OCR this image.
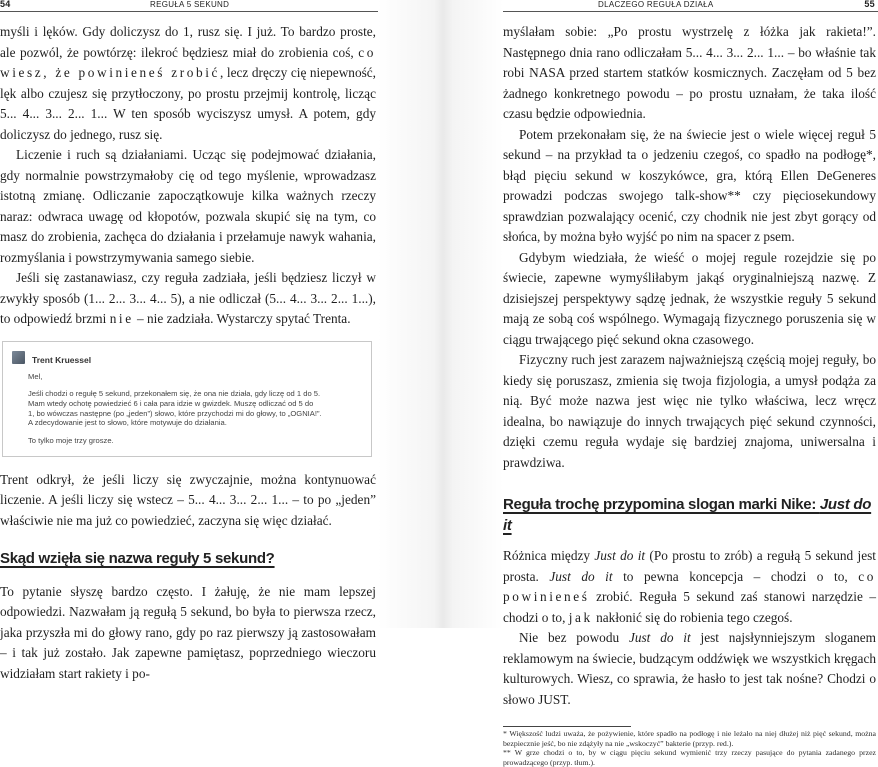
54	REGUŁA 5 SEKUND

myśli i lęków. Gdy doliczysz do 1, rusz się. I już. To bardzo proste, ale pozwól, że powtórzę: ilekroć będziesz miał do zrobienia coś, co wiesz, że powinieneś zrobić, lecz dręczy cię niepewność, lęk albo czujesz się przytłoczony, po prostu przejmij kontrolę, licząc 5... 4... 3... 2... 1... W ten sposób wyciszysz umysł. A potem, gdy doliczysz do jednego, rusz się.

Liczenie i ruch są działaniami. Ucząc się podejmować działania, gdy normalnie powstrzymałoby cię od tego myślenie, wprowadzasz istotną zmianę. Odliczanie zapoczątkowuje kilka ważnych rzeczy naraz: odwraca uwagę od kłopotów, pozwala skupić się na tym, co masz do zrobienia, zachęca do działania i przełamuje nawyk wahania, rozmyślania i powstrzymywania samego siebie.

Jeśli się zastanawiasz, czy reguła zadziała, jeśli będziesz liczył w zwykły sposób (1... 2... 3... 4... 5), a nie odliczał (5... 4... 3... 2... 1...), to odpowiedź brzmi nie – nie zadziała. Wystarczy spytać Trenta.

Trent Kruessel
Mel,
Jeśli chodzi o regułę 5 sekund, przekonałem się, że ona nie działa, gdy liczę od 1 do 5.
Mam wtedy ochotę powiedzieć 6 i cała para idzie w gwizdek. Muszę odliczać od 5 do
1, bo wówczas następne (po „jeden”) słowo, które przychodzi mi do głowy, to „OGNIA!”.
A zdecydowanie jest to słowo, które motywuje do działania.
To tylko moje trzy grosze.

Trent odkrył, że jeśli liczy się zwyczajnie, można kontynuować liczenie. A jeśli liczy się wstecz – 5... 4... 3... 2... 1... – to po „jeden” właściwie nie ma już co powiedzieć, zaczyna się więc działać.

Skąd wzięła się nazwa reguły 5 sekund?

To pytanie słyszę bardzo często. I żałuję, że nie mam lepszej odpowiedzi. Nazwałam ją regułą 5 sekund, bo była to pierwsza rzecz, jaka przyszła mi do głowy rano, gdy po raz pierwszy ją zastosowałam – i tak już zostało. Jak zapewne pamiętasz, poprzedniego wieczoru widziałam start rakiety i po-

DLACZEGO REGUŁA DZIAŁA	55

myślałam sobie: „Po prostu wystrzelę z łóżka jak rakieta!”. Następnego dnia rano odliczałam 5... 4... 3... 2... 1... – bo właśnie tak robi NASA przed startem statków kosmicznych. Zaczęłam od 5 bez żadnego konkretnego powodu – po prostu uznałam, że taka ilość czasu będzie odpowiednia.

Potem przekonałam się, że na świecie jest o wiele więcej reguł 5 sekund – na przykład ta o jedzeniu czegoś, co spadło na podłogę*, błąd pięciu sekund w koszykówce, gra, którą Ellen DeGeneres prowadzi podczas swojego talk-show** czy pięciosekundowy sprawdzian pozwalający ocenić, czy chodnik nie jest zbyt gorący od słońca, by można było wyjść po nim na spacer z psem.

Gdybym wiedziała, że wieść o mojej regule rozejdzie się po świecie, zapewne wymyśliłabym jakąś oryginalniejszą nazwę. Z dzisiejszej perspektywy sądzę jednak, że wszystkie reguły 5 sekund mają ze sobą coś wspólnego. Wymagają fizycznego poruszenia się w ciągu trwającego pięć sekund okna czasowego.

Fizyczny ruch jest zarazem najważniejszą częścią mojej reguły, bo kiedy się poruszasz, zmienia się twoja fizjologia, a umysł podąża za nią. Być może nazwa jest więc nie tylko właściwa, lecz wręcz idealna, bo nawiązuje do innych trwających pięć sekund czynności, dzięki czemu reguła wydaje się bardziej znajoma, uniwersalna i prawdziwa.

Reguła trochę przypomina slogan marki Nike: Just do it

Różnica między Just do it (Po prostu to zrób) a regułą 5 sekund jest prosta. Just do it to pewna koncepcja – chodzi o to, co powinieneś zrobić. Reguła 5 sekund zaś stanowi narzędzie – chodzi o to, jak nakłonić się do robienia tego czegoś.

Nie bez powodu Just do it jest najsłynniejszym sloganem reklamowym na świecie, budzącym oddźwięk we wszystkich kręgach kulturowych. Wiesz, co sprawia, że hasło to jest tak nośne? Chodzi o słowo JUST.

* Większość ludzi uważa, że pożywienie, które spadło na podłogę i nie leżało na niej dłużej niż pięć sekund, można bezpiecznie jeść, bo nie zdążyły na nie „wskoczyć” bakterie (przyp. red.).

** W grze chodzi o to, by w ciągu pięciu sekund wymienić trzy rzeczy pasujące do pytania zadanego przez prowadzącego (przyp. tłum.).
